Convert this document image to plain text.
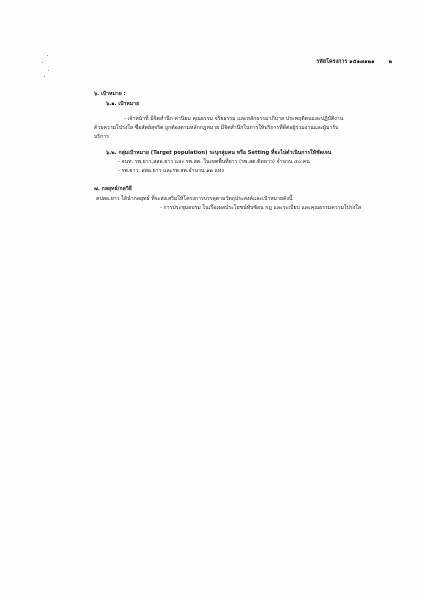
รหัสโครงการ ๑๕๑๗๑๒๑	๒
๖. เป้าหมาย :
๖.๑. เป้าหมาย
- เจ้าหน้าที่ มีจิตสำนึก ค่านิยม คุณธรรม จริยธรรม และหลักธรรมาภิบาล ประพฤติตนและปฏิบัติงาน
ด้วยความโปร่งใส ซื่อสัตย์สุจริต ถูกต้องตามหลักกฎหมาย มีจิตสำนึกในการให้บริการที่ดีต่อผู้ร่วมงานและผู้มารับ
บริการ
๖.๒. กลุ่มเป้าหมาย (Target population) ระบุกลุ่มคน หรือ Setting ที่จะไปดำเนินการให้ชัดเจน
- จนท. รพ.ยาว,สสอ.ยาว และ รพ.สต. ในเขตพื้นที่ยาว (รพ.สต.ติดยาว) จำนวน ๔๐ คน
- รพ.ยาว, สสอ.ยาว และรพ.สต.จำนวน ๑๒ แห่ง
๗. กลยุทธ์/กลวิธี
คปสอ.ยาว ได้นำกลยุทธ์ ที่จะส่งเสริมให้โครงการบรรลุตามวัตถุประสงค์และเป้าหมายดังนี้
- การประชุมอบรม ในเรื่องผลประโยชน์ทับซ้อน กฎ และระเบียบ และคุณธรรมความโปร่งใส
